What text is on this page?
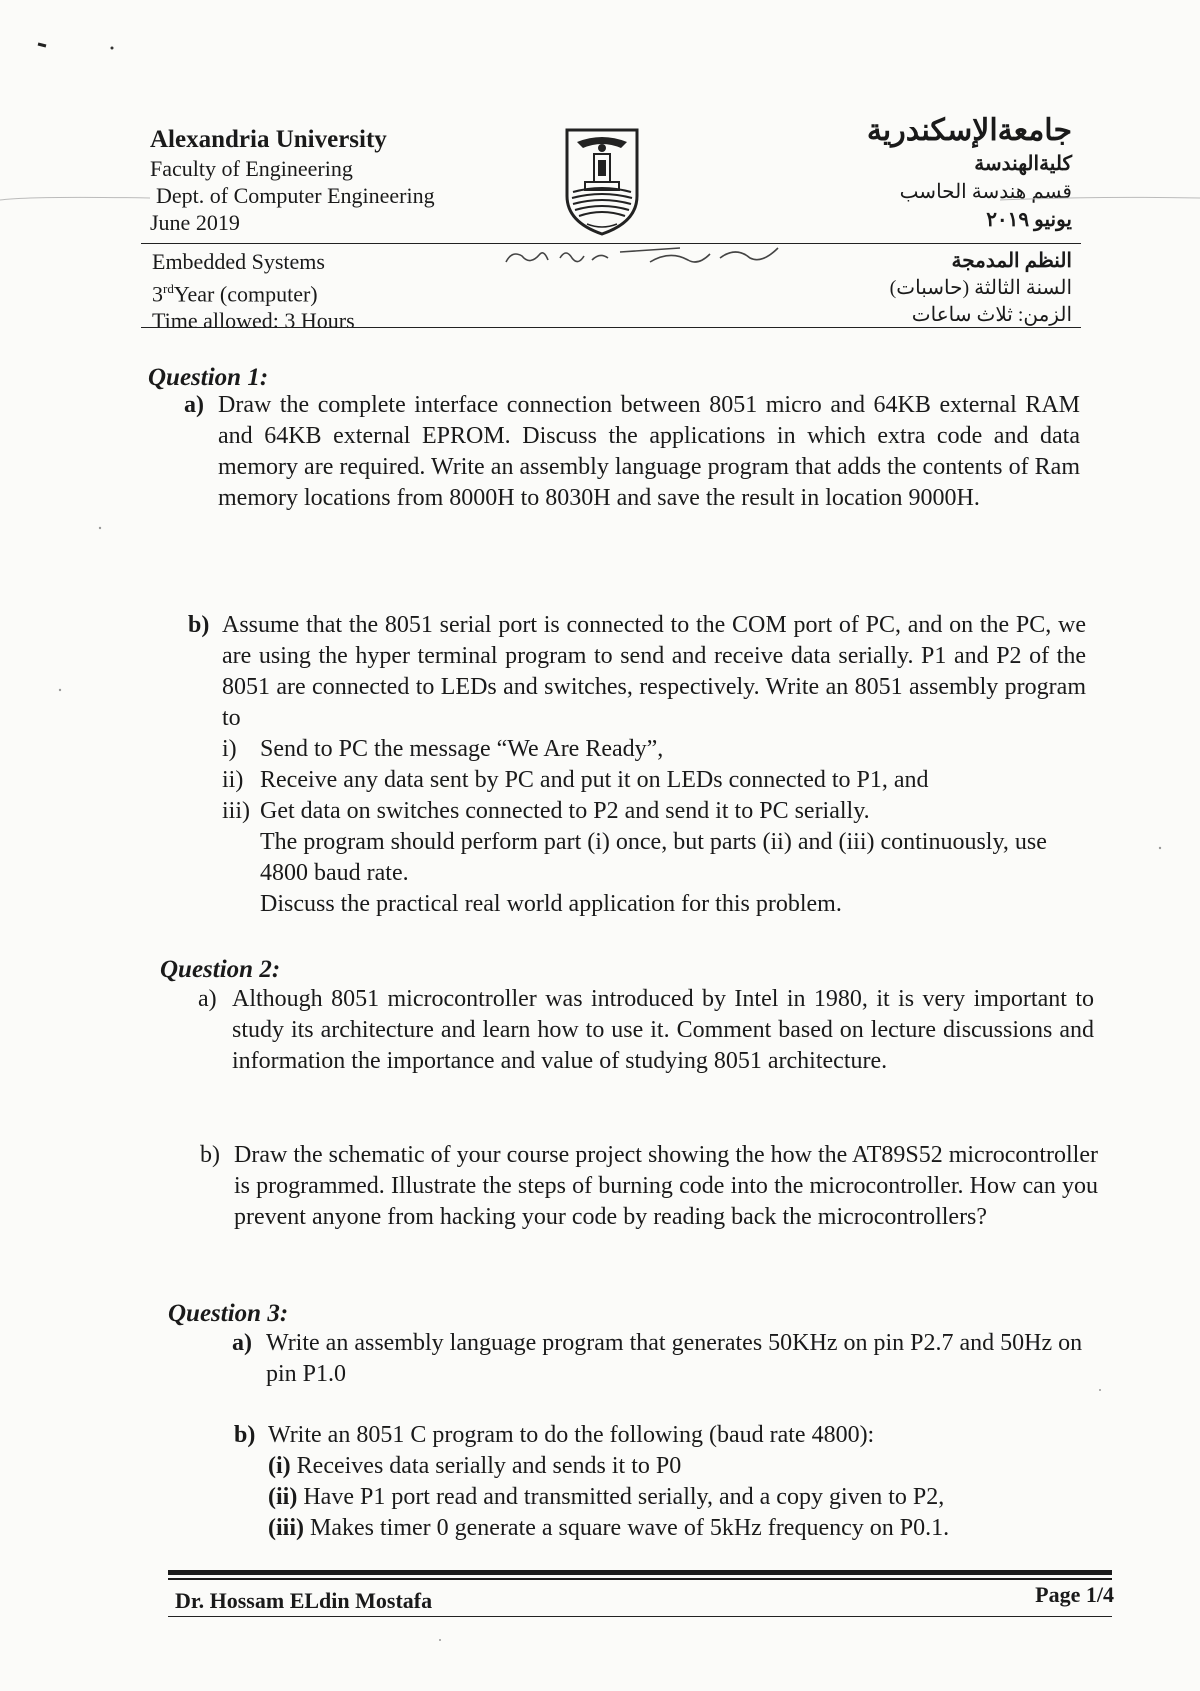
Alexandria University
Faculty of Engineering
Dept. of Computer Engineering
June 2019
جامعةالإسكندرية
كليةالهندسة
قسم هندسة الحاسب
يونيو ٢٠١٩
Embedded Systems
3rdYear (computer)
Time allowed: 3 Hours
النظم المدمجة
السنة الثالثة (حاسبات)
الزمن: ثلاث ساعات
Question 1:
a) Draw the complete interface connection between 8051 micro and 64KB external RAM and 64KB external EPROM. Discuss the applications in which extra code and data memory are required. Write an assembly language program that adds the contents of Ram memory locations from 8000H to 8030H and save the result in location 9000H.
b) Assume that the 8051 serial port is connected to the COM port of PC, and on the PC, we are using the hyper terminal program to send and receive data serially. P1 and P2 of the 8051 are connected to LEDs and switches, respectively. Write an 8051 assembly program to
i) Send to PC the message “We Are Ready”,
ii) Receive any data sent by PC and put it on LEDs connected to P1, and
iii) Get data on switches connected to P2 and send it to PC serially.
The program should perform part (i) once, but parts (ii) and (iii) continuously, use 4800 baud rate.
Discuss the practical real world application for this problem.
Question 2:
a) Although 8051 microcontroller was introduced by Intel in 1980, it is very important to study its architecture and learn how to use it. Comment based on lecture discussions and information the importance and value of studying 8051 architecture.
b) Draw the schematic of your course project showing the how the AT89S52 microcontroller is programmed. Illustrate the steps of burning code into the microcontroller. How can you prevent anyone from hacking your code by reading back the microcontrollers?
Question 3:
a) Write an assembly language program that generates 50KHz on pin P2.7 and 50Hz on pin P1.0
b) Write an 8051 C program to do the following (baud rate 4800):
(i) Receives data serially and sends it to P0
(ii) Have P1 port read and transmitted serially, and a copy given to P2,
(iii) Makes timer 0 generate a square wave of 5kHz frequency on P0.1.
Dr. Hossam ELdin Mostafa	Page 1/4
